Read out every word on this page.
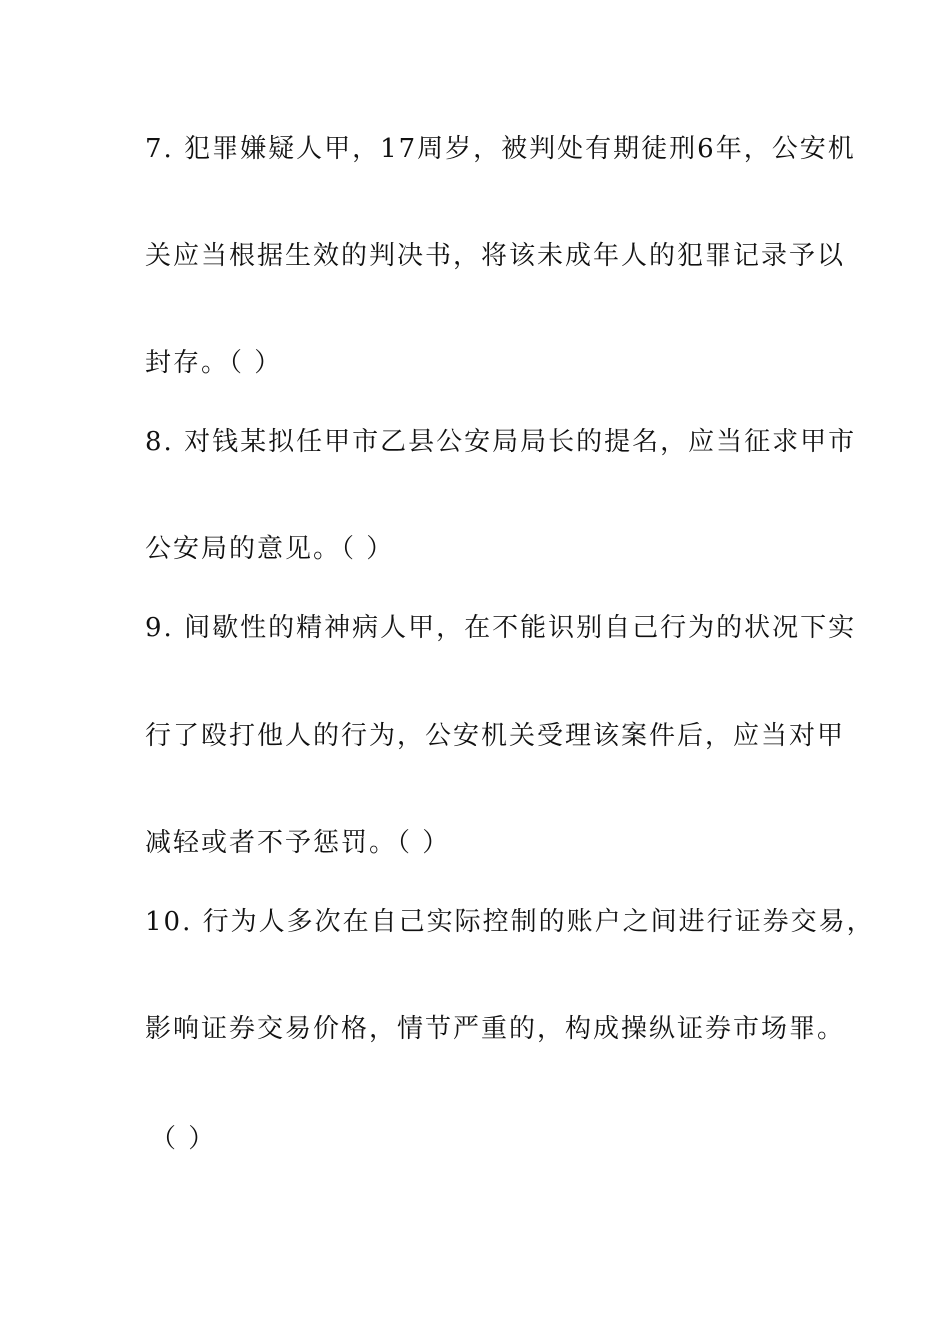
7. 犯罪嫌疑人甲，17周岁，被判处有期徒刑6年，公安机
关应当根据生效的判决书，将该未成年人的犯罪记录予以
封存。（ ）
8. 对钱某拟任甲市乙县公安局局长的提名，应当征求甲市
公安局的意见。（ ）
9. 间歇性的精神病人甲，在不能识别自己行为的状况下实
行了殴打他人的行为，公安机关受理该案件后，应当对甲
减轻或者不予惩罚。（ ）
10. 行为人多次在自己实际控制的账户之间进行证券交易，
影响证券交易价格，情节严重的，构成操纵证券市场罪。
（ ）
